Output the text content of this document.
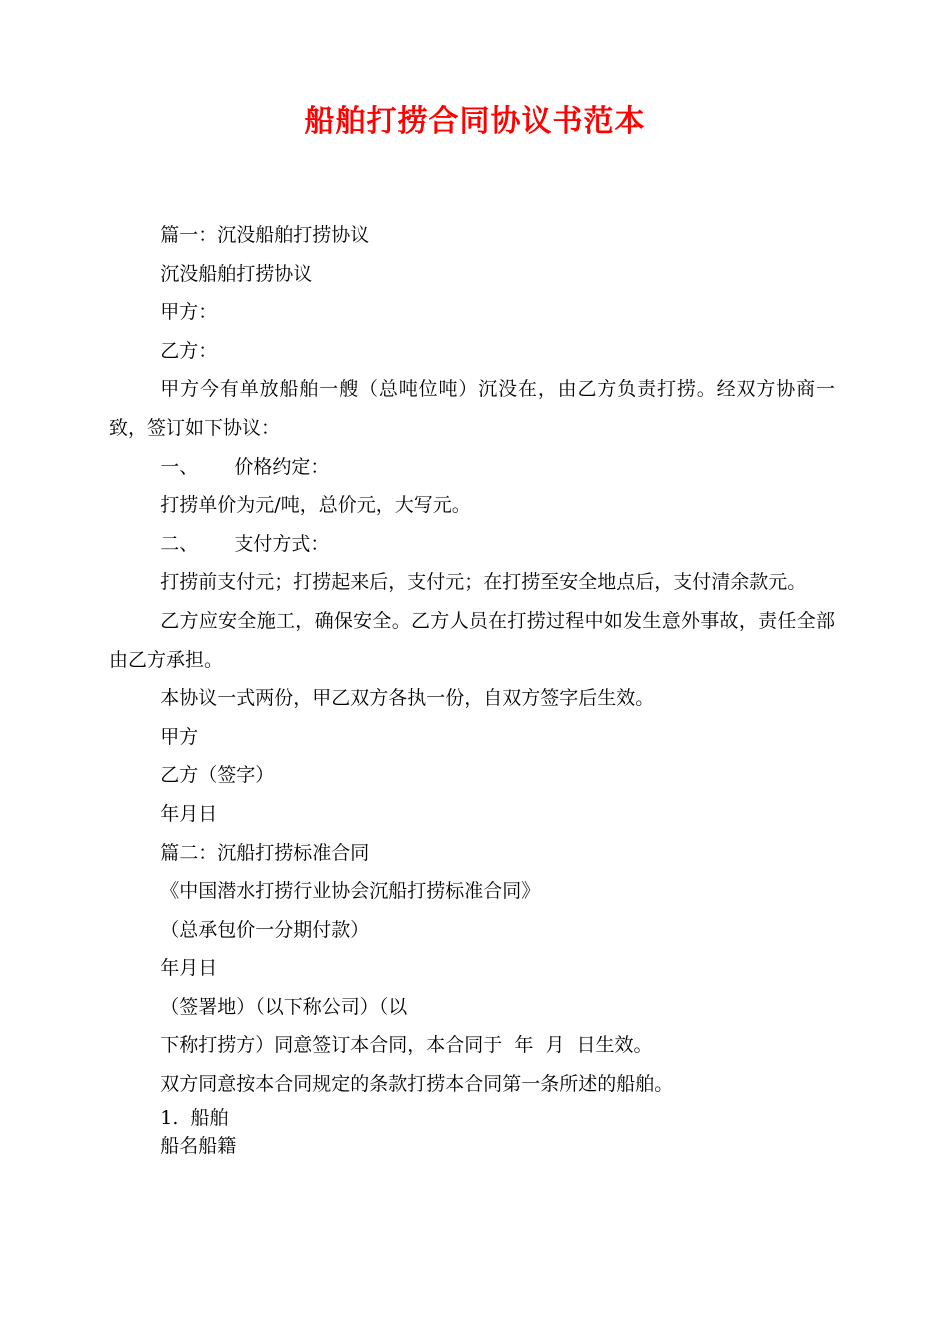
船舶打捞合同协议书范本

篇一：沉没船舶打捞协议

沉没船舶打捞协议

甲方：

乙方：

甲方今有单放船舶一艘（总吨位吨）沉没在，由乙方负责打捞。经双方协商一致，签订如下协议：

一、 价格约定：

打捞单价为元/吨，总价元，大写元。

二、 支付方式：

打捞前支付元；打捞起来后，支付元；在打捞至安全地点后，支付清余款元。

乙方应安全施工，确保安全。乙方人员在打捞过程中如发生意外事故，责任全部由乙方承担。

本协议一式两份，甲乙双方各执一份，自双方签字后生效。

甲方

乙方（签字）

年月日

篇二：沉船打捞标准合同

《中国潜水打捞行业协会沉船打捞标准合同》

（总承包价一分期付款）

年月日

（签署地）（以下称公司）（以

下称打捞方）同意签订本合同，本合同于  年  月  日生效。

双方同意按本合同规定的条款打捞本合同第一条所述的船舶。

1.  船舶

船名船籍
